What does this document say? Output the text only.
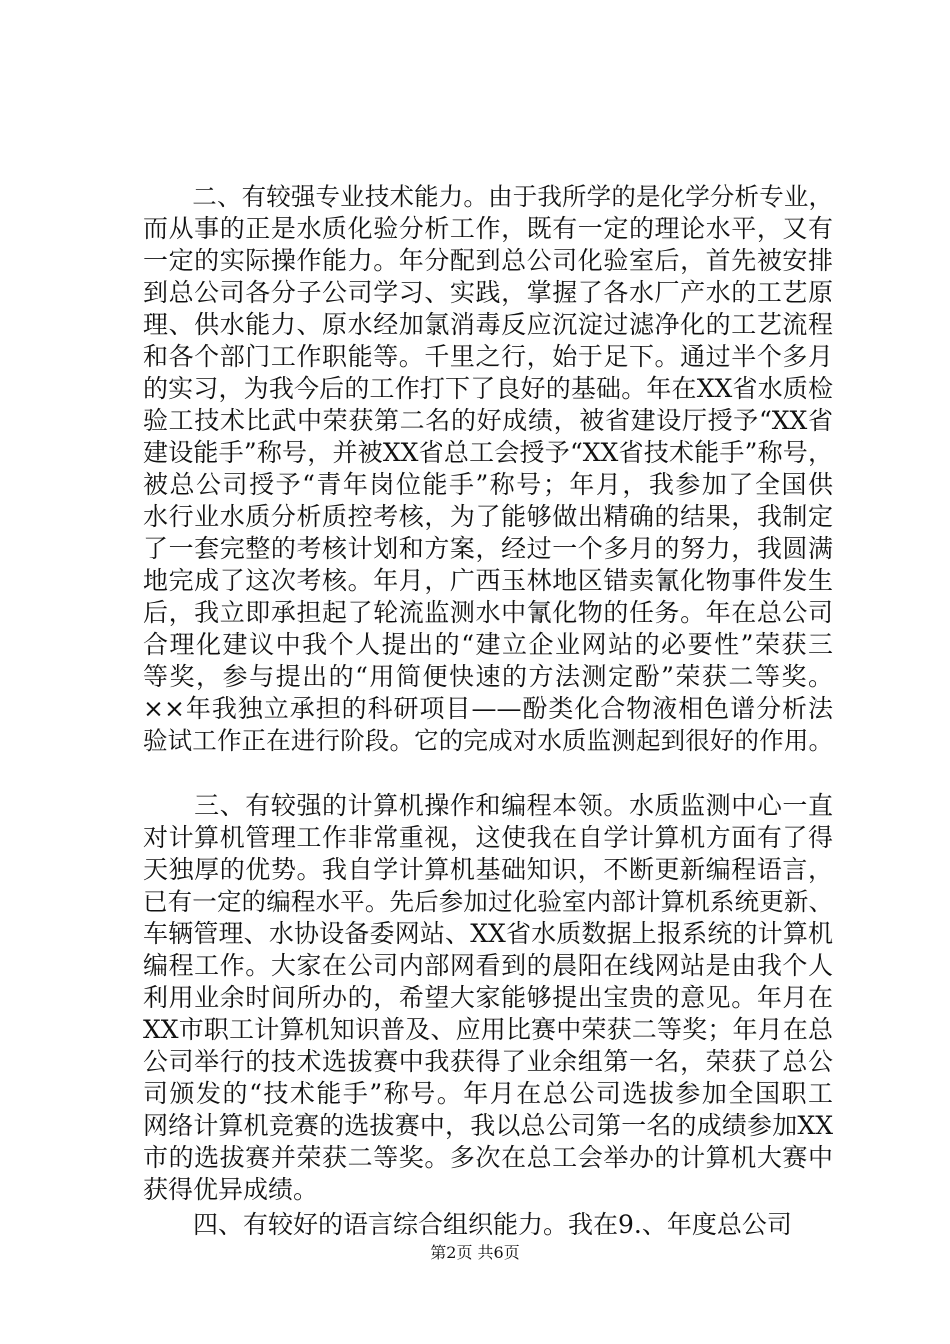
　　二、有较强专业技术能力。由于我所学的是化学分析专业，
而从事的正是水质化验分析工作，既有一定的理论水平，又有
一定的实际操作能力。年分配到总公司化验室后，首先被安排
到总公司各分子公司学习、实践，掌握了各水厂产水的工艺原
理、供水能力、原水经加氯消毒反应沉淀过滤净化的工艺流程
和各个部门工作职能等。千里之行，始于足下。通过半个多月
的实习，为我今后的工作打下了良好的基础。年在XX省水质检
验工技术比武中荣获第二名的好成绩，被省建设厅授予“XX省
建设能手”称号，并被XX省总工会授予“XX省技术能手”称号，
被总公司授予“青年岗位能手”称号；年月，我参加了全国供
水行业水质分析质控考核，为了能够做出精确的结果，我制定
了一套完整的考核计划和方案，经过一个多月的努力，我圆满
地完成了这次考核。年月，广西玉林地区错卖氰化物事件发生
后，我立即承担起了轮流监测水中氰化物的任务。年在总公司
合理化建议中我个人提出的“建立企业网站的必要性”荣获三
等奖，参与提出的“用简便快速的方法测定酚”荣获二等奖。
××年我独立承担的科研项目——酚类化合物液相色谱分析法
验试工作正在进行阶段。它的完成对水质监测起到很好的作用。
　　三、有较强的计算机操作和编程本领。水质监测中心一直
对计算机管理工作非常重视，这使我在自学计算机方面有了得
天独厚的优势。我自学计算机基础知识，不断更新编程语言，
已有一定的编程水平。先后参加过化验室内部计算机系统更新、
车辆管理、水协设备委网站、XX省水质数据上报系统的计算机
编程工作。大家在公司内部网看到的晨阳在线网站是由我个人
利用业余时间所办的，希望大家能够提出宝贵的意见。年月在
XX市职工计算机知识普及、应用比赛中荣获二等奖；年月在总
公司举行的技术选拔赛中我获得了业余组第一名，荣获了总公
司颁发的“技术能手”称号。年月在总公司选拔参加全国职工
网络计算机竞赛的选拔赛中，我以总公司第一名的成绩参加XX
市的选拔赛并荣获二等奖。多次在总工会举办的计算机大赛中
获得优异成绩。
　　四、有较好的语言综合组织能力。我在9.、年度总公司
第2页 共6页
